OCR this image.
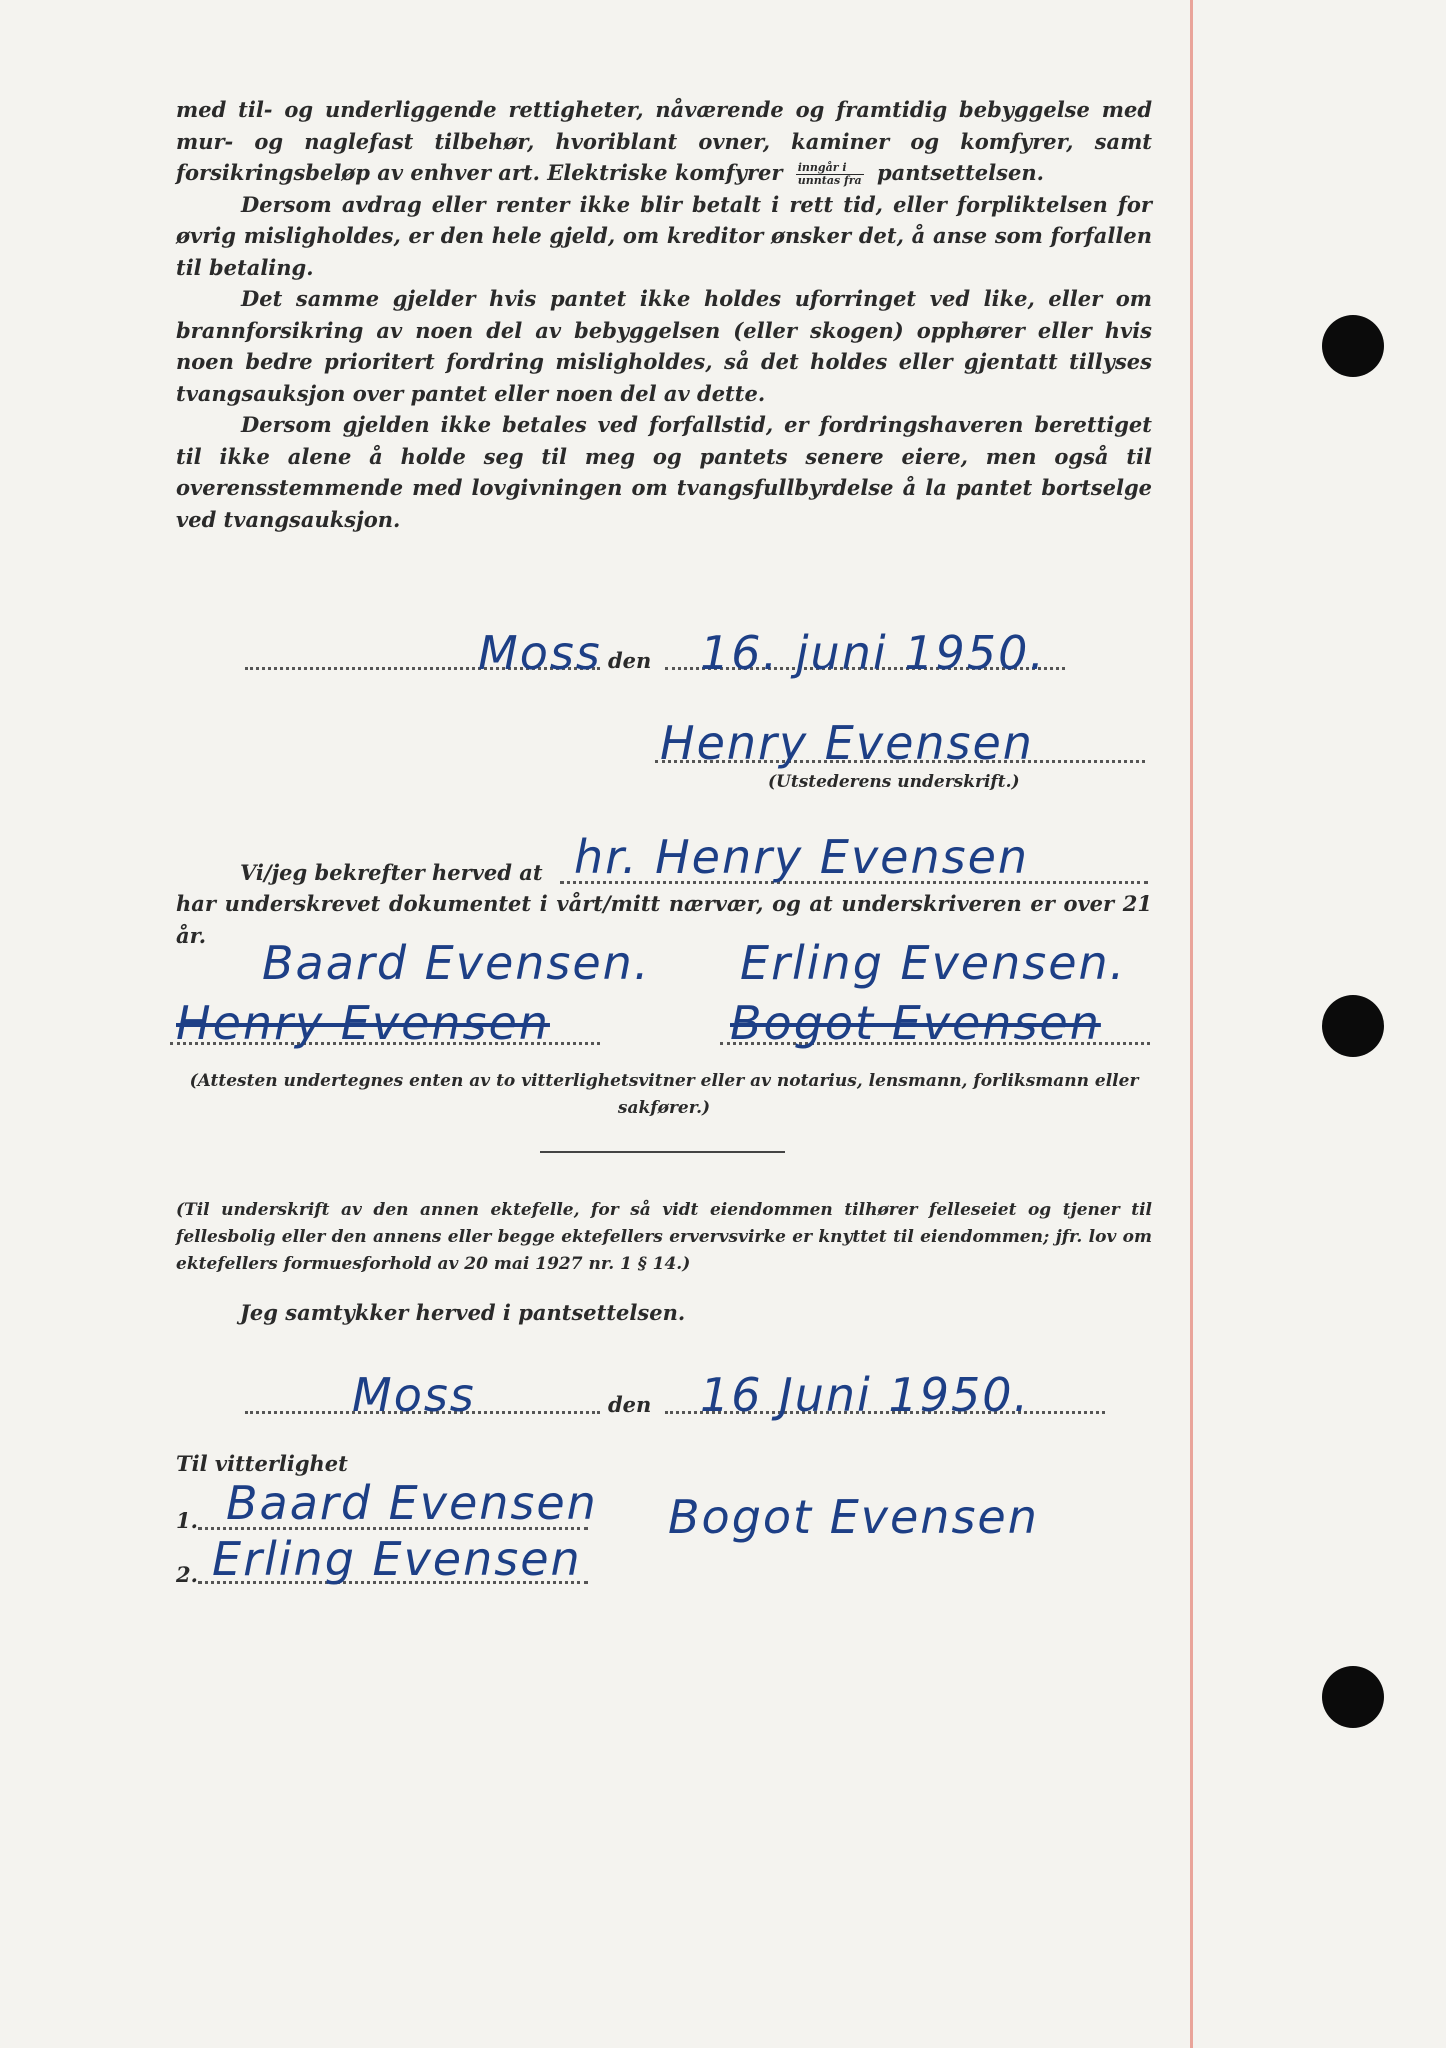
med til- og underliggende rettigheter, nåværende og framtidig bebyggelse med mur- og naglefast tilbehør, hvoriblant ovner, kaminer og komfyrer, samt forsikringsbeløp av enhver art. Elektriske komfyrer $\frac{\text{inngår i}}{\text{unntas fra}}$ pantsettelsen.

Dersom avdrag eller renter ikke blir betalt i rett tid, eller forpliktelsen for øvrig misligholdes, er den hele gjeld, om kreditor ønsker det, å anse som forfallen til betaling.

Det samme gjelder hvis pantet ikke holdes uforringet ved like, eller om brannforsikring av noen del av bebyggelsen (eller skogen) opphører eller hvis noen bedre prioritert fordring misligholdes, så det holdes eller gjentatt tillyses tvangsauksjon over pantet eller noen del av dette.

Dersom gjelden ikke betales ved forfallstid, er fordringshaveren berettiget til ikke alene å holde seg til meg og pantets senere eiere, men også til overensstemmende med lovgivningen om tvangsfullbyrdelse å la pantet bortselge ved tvangsauksjon.

Moss den 16. juni 1950.
Henry Evensen
(Utstederens underskrift.)
Vi/jeg bekrefter herved at hr. Henry Evensen

har underskrevet dokumentet i vårt/mitt nærvær, og at underskriveren er over 21 år.

Baard Evensen. Erling Evensen.
Henry Evensen	Bogot Evensen
(Attesten undertegnes enten av to vitterlighetsvitner eller av notarius, lensmann, forliksmann eller sakfører.)
(Til underskrift av den annen ektefelle, for så vidt eiendommen tilhører felleseiet og tjener til fellesbolig eller den annens eller begge ektefellers ervervsvirke er knyttet til eiendommen; jfr. lov om ektefellers formuesforhold av 20 mai 1927 nr. 1 § 14.)
Jeg samtykker herved i pantsettelsen.
Moss	den 16 Juni 1950.
Til vitterlighet
1. Baard Evensen Bogot Evensen
2. Erling Evensen
